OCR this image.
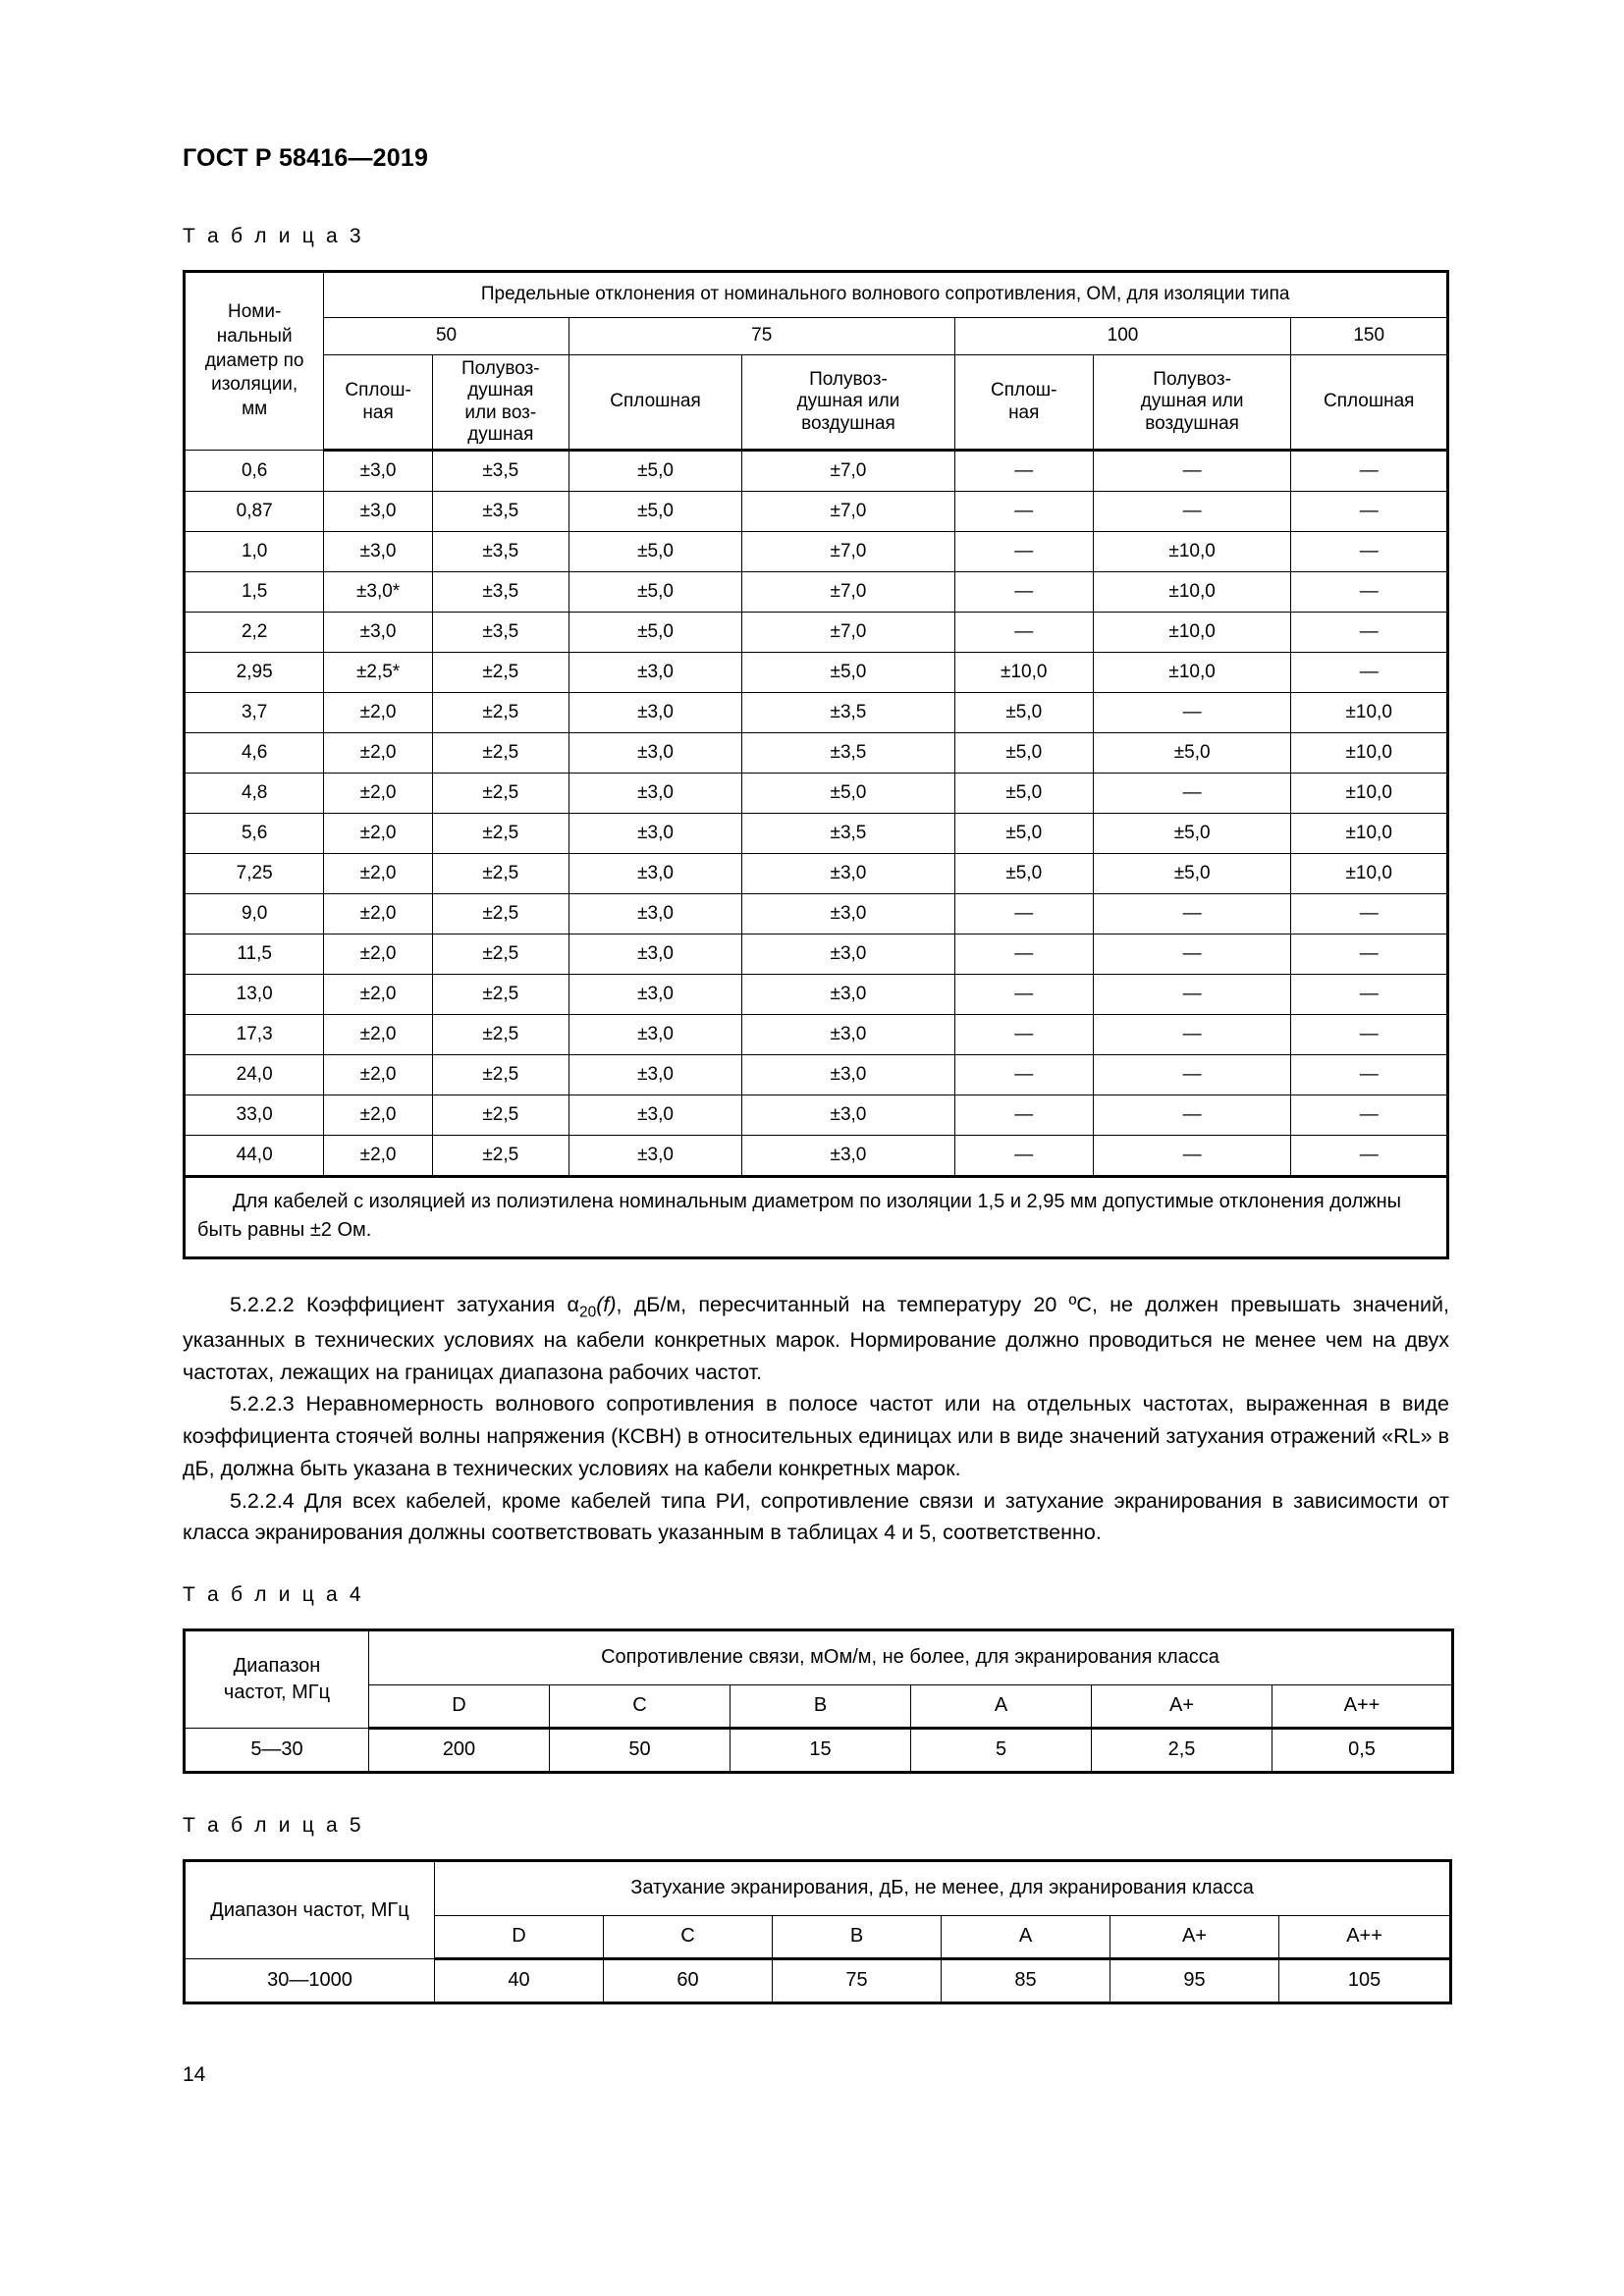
ГОСТ Р 58416—2019
Т а б л и ц а 3
Номи-
нальный
диаметр по
изоляции,
мм	Предельные отклонения от номинального волнового сопротивления, ОМ, для изоляции типа						
	50		75		100		150
	Сплош-
ная	Полувоз-
душная
или воз-
душная	Сплошная	Полувоз-
душная или
воздушная	Сплош-
ная	Полувоз-
душная или
воздушная	Сплошная
0,6	±3,0	±3,5	±5,0	±7,0	—	—	—
0,87	±3,0	±3,5	±5,0	±7,0	—	—	—
1,0	±3,0	±3,5	±5,0	±7,0	—	±10,0	—
1,5	±3,0*	±3,5	±5,0	±7,0	—	±10,0	—
2,2	±3,0	±3,5	±5,0	±7,0	—	±10,0	—
2,95	±2,5*	±2,5	±3,0	±5,0	±10,0	±10,0	—
3,7	±2,0	±2,5	±3,0	±3,5	±5,0	—	±10,0
4,6	±2,0	±2,5	±3,0	±3,5	±5,0	±5,0	±10,0
4,8	±2,0	±2,5	±3,0	±5,0	±5,0	—	±10,0
5,6	±2,0	±2,5	±3,0	±3,5	±5,0	±5,0	±10,0
7,25	±2,0	±2,5	±3,0	±3,0	±5,0	±5,0	±10,0
9,0	±2,0	±2,5	±3,0	±3,0	—	—	—
11,5	±2,0	±2,5	±3,0	±3,0	—	—	—
13,0	±2,0	±2,5	±3,0	±3,0	—	—	—
17,3	±2,0	±2,5	±3,0	±3,0	—	—	—
24,0	±2,0	±2,5	±3,0	±3,0	—	—	—
33,0	±2,0	±2,5	±3,0	±3,0	—	—	—
44,0	±2,0	±2,5	±3,0	±3,0	—	—	—
Для кабелей с изоляцией из полиэтилена номинальным диаметром по изоляции 1,5 и 2,95 мм допустимые отклонения должны быть равны ±2 Ом.							

5.2.2.2 Коэффициент затухания $\alpha_{20}(f)$, дБ/м, пересчитанный на температуру 20 ºС, не должен превышать значений, указанных в технических условиях на кабели конкретных марок. Нормирование должно проводиться не менее чем на двух частотах, лежащих на границах диапазона рабочих частот.

5.2.2.3 Неравномерность волнового сопротивления в полосе частот или на отдельных частотах, выраженная в виде коэффициента стоячей волны напряжения (КСВН) в относительных единицах или в виде значений затухания отражений «RL» в дБ, должна быть указана в технических условиях на кабели конкретных марок.

5.2.2.4 Для всех кабелей, кроме кабелей типа РИ, сопротивление связи и затухание экранирования в зависимости от класса экранирования должны соответствовать указанным в таблицах 4 и 5, соответственно.

Т а б л и ц а 4
Диапазон
частот, МГц	Сопротивление связи, мОм/м, не более, для экранирования класса					
	D	C	B	A	A+	A++
5—30	200	50	15	5	2,5	0,5
Т а б л и ц а 5
Диапазон частот, МГц	Затухание экранирования, дБ, не менее, для экранирования класса					
	D	C	B	A	A+	A++
30—1000	40	60	75	85	95	105
14
